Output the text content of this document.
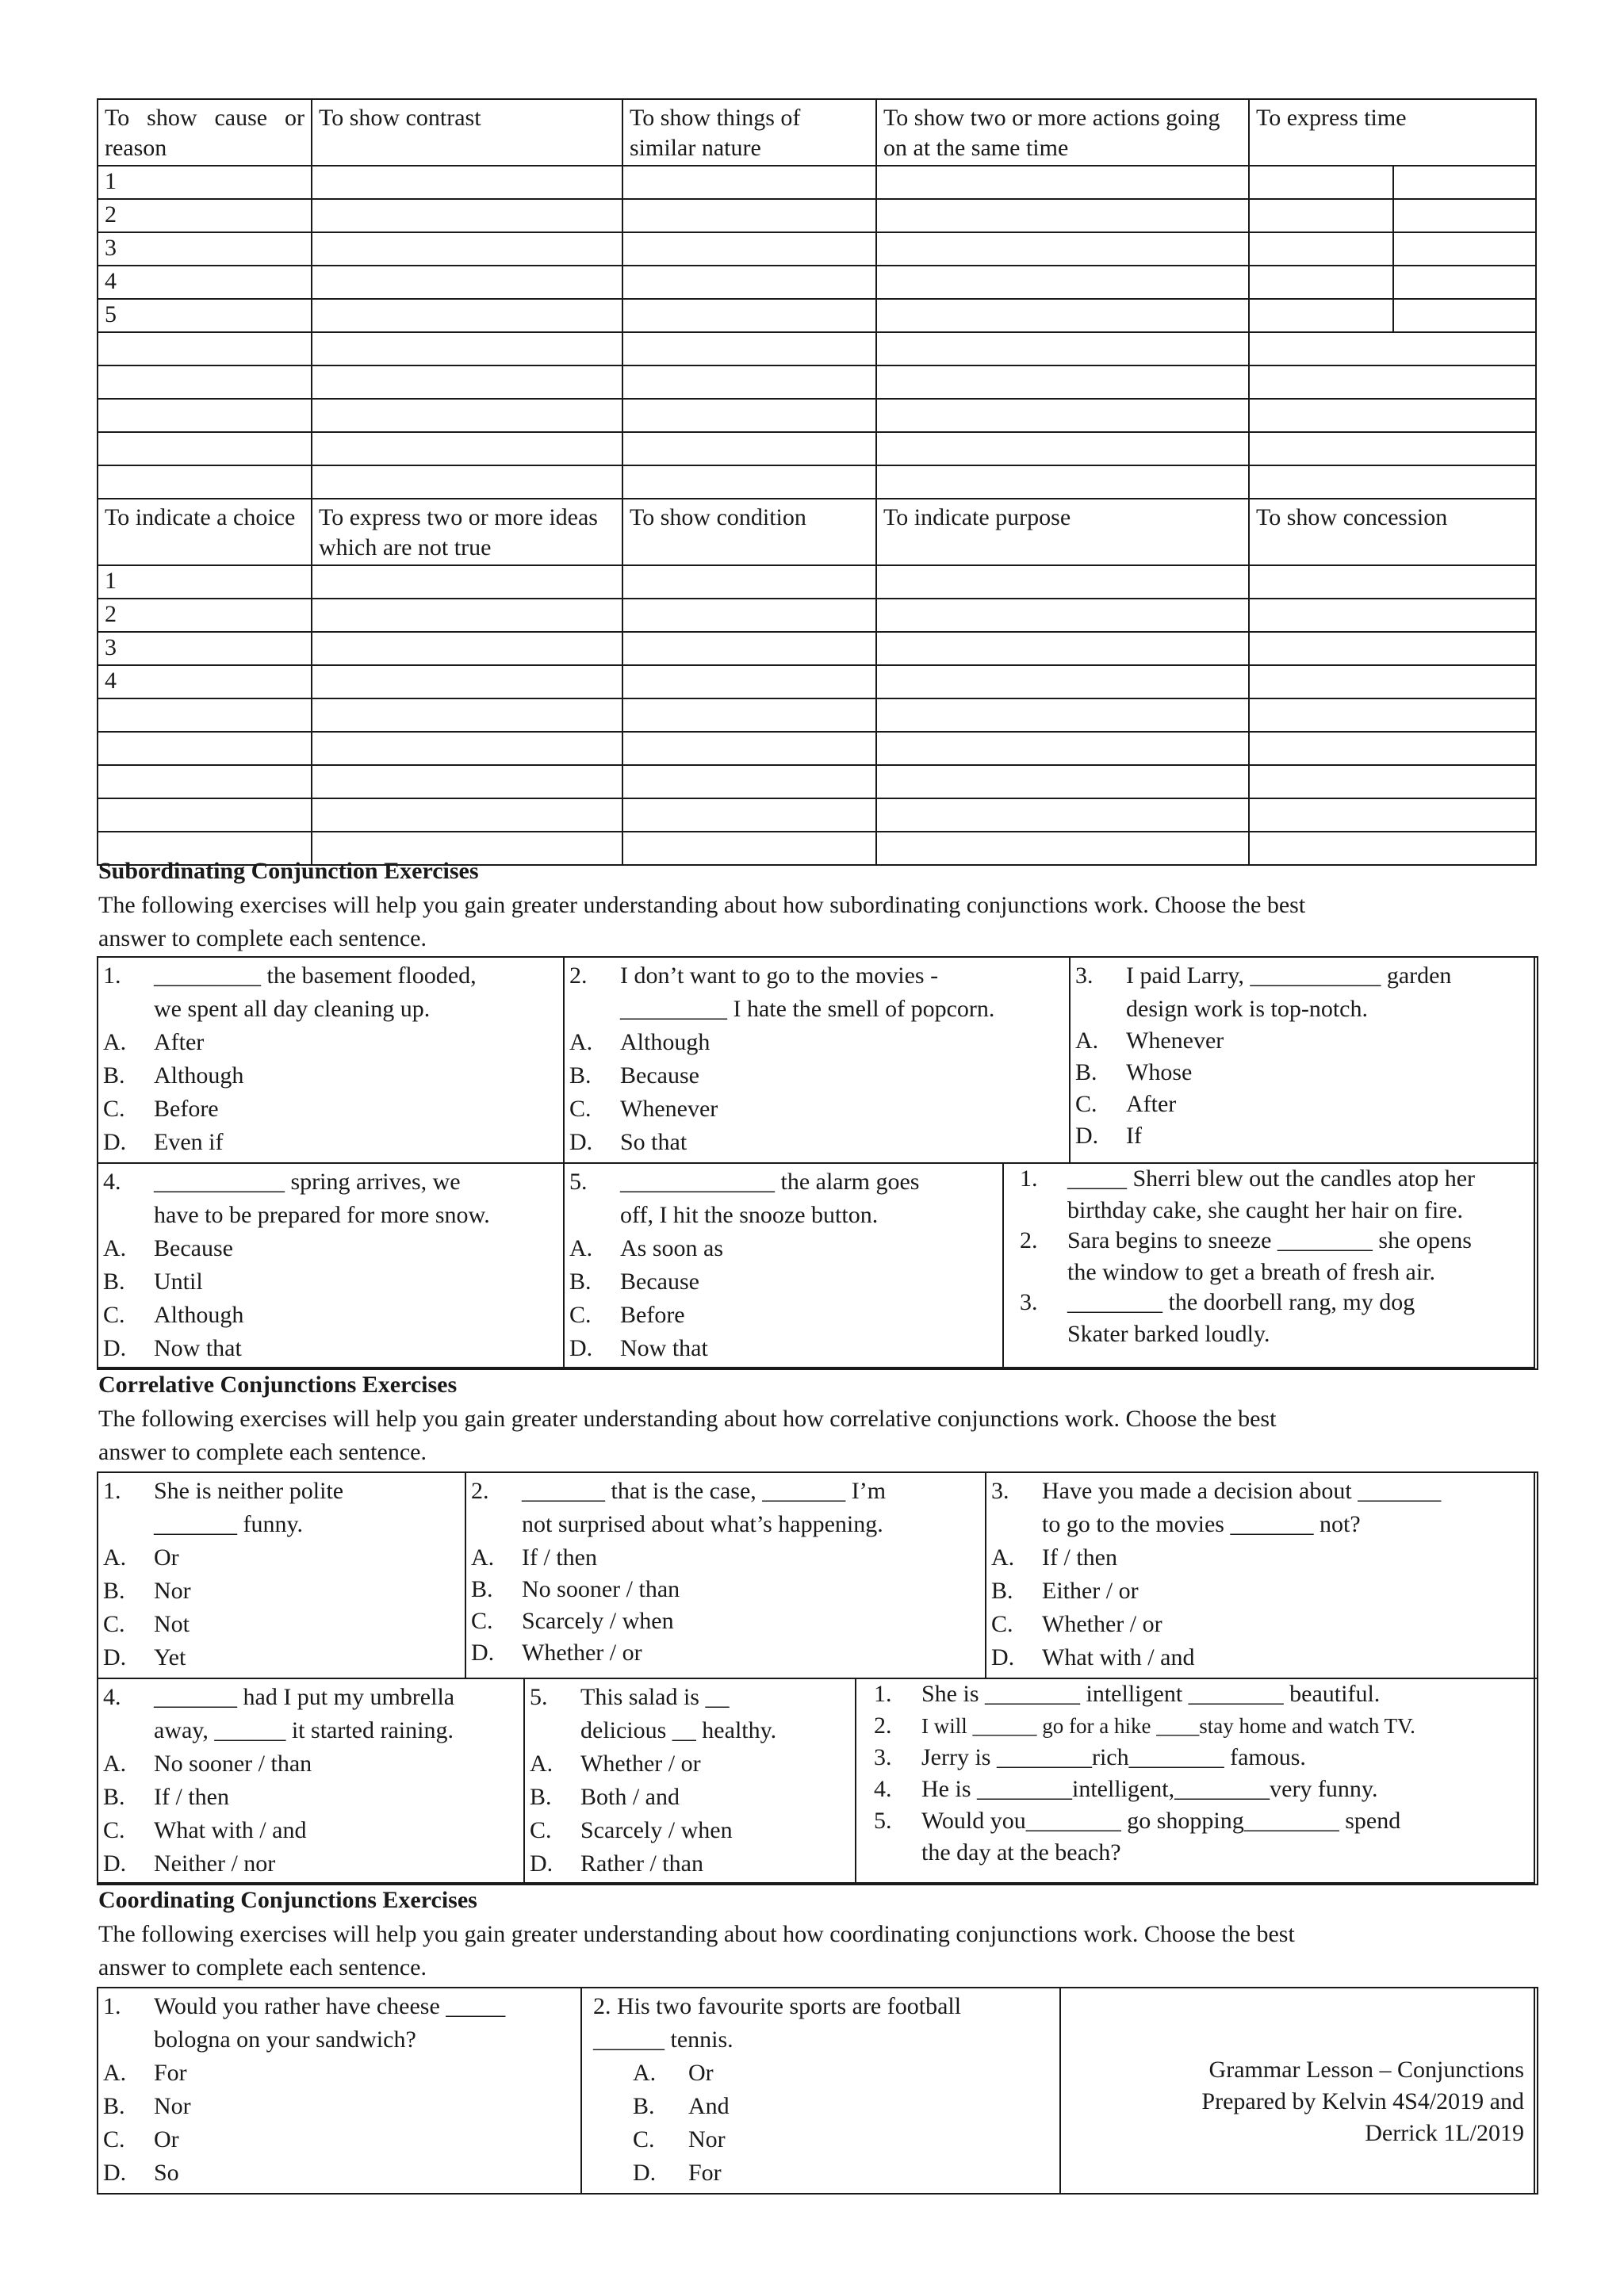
To show cause or reason	To show contrast	To show things of similar nature	To show two or more actions going on at the same time	To express time	
1					
2					
3					
4					
5					

To indicate a choice	To express two or more ideas which are not true	To show condition	To indicate purpose	To show concession	
1					
2					
3					
4					

Subordinating Conjunction Exercises
The following exercises will help you gain greater understanding about how subordinating conjunctions work. Choose the best
answer to complete each sentence.
1. _________ the basement flooded,
we spent all day cleaning up.
A. After
B. Although
C. Before
D. Even if
2. I don’t want to go to the movies -
_________ I hate the smell of popcorn.
A. Although
B. Because
C. Whenever
D. So that
3. I paid Larry, ___________ garden
design work is top-notch.
A. Whenever
B. Whose
C. After
D. If
4. ___________ spring arrives, we
have to be prepared for more snow.
A. Because
B. Until
C. Although
D. Now that
5. _____________ the alarm goes
off, I hit the snooze button.
A. As soon as
B. Because
C. Before
D. Now that
1. _____ Sherri blew out the candles atop her
birthday cake, she caught her hair on fire.
2. Sara begins to sneeze ________ she opens
the window to get a breath of fresh air.
3. ________ the doorbell rang, my dog
Skater barked loudly.
Correlative Conjunctions Exercises
The following exercises will help you gain greater understanding about how correlative conjunctions work. Choose the best
answer to complete each sentence.
1. She is neither polite
_______ funny.
A. Or
B. Nor
C. Not
D. Yet
2. _______ that is the case, _______ I’m
not surprised about what’s happening.
A. If / then
B. No sooner / than
C. Scarcely / when
D. Whether / or
3. Have you made a decision about _______
to go to the movies _______ not?
A. If / then
B. Either / or
C. Whether / or
D. What with / and
4. _______ had I put my umbrella
away, ______ it started raining.
A. No sooner / than
B. If / then
C. What with / and
D. Neither / nor
5. This salad is __
delicious __ healthy.
A. Whether / or
B. Both / and
C. Scarcely / when
D. Rather / than
1. She is ________ intelligent ________ beautiful.
2. I will ______ go for a hike ____stay home and watch TV.
3. Jerry is ________rich________ famous.
4. He is ________intelligent,________very funny.
5. Would you________ go shopping________ spend
the day at the beach?
Coordinating Conjunctions Exercises
The following exercises will help you gain greater understanding about how coordinating conjunctions work. Choose the best
answer to complete each sentence.
1. Would you rather have cheese _____
bologna on your sandwich?
A. For
B. Nor
C. Or
D. So
2. His two favourite sports are football
______ tennis.
A. Or
B. And
C. Nor
D. For
Grammar Lesson – Conjunctions
Prepared by Kelvin 4S4/2019 and
Derrick 1L/2019
